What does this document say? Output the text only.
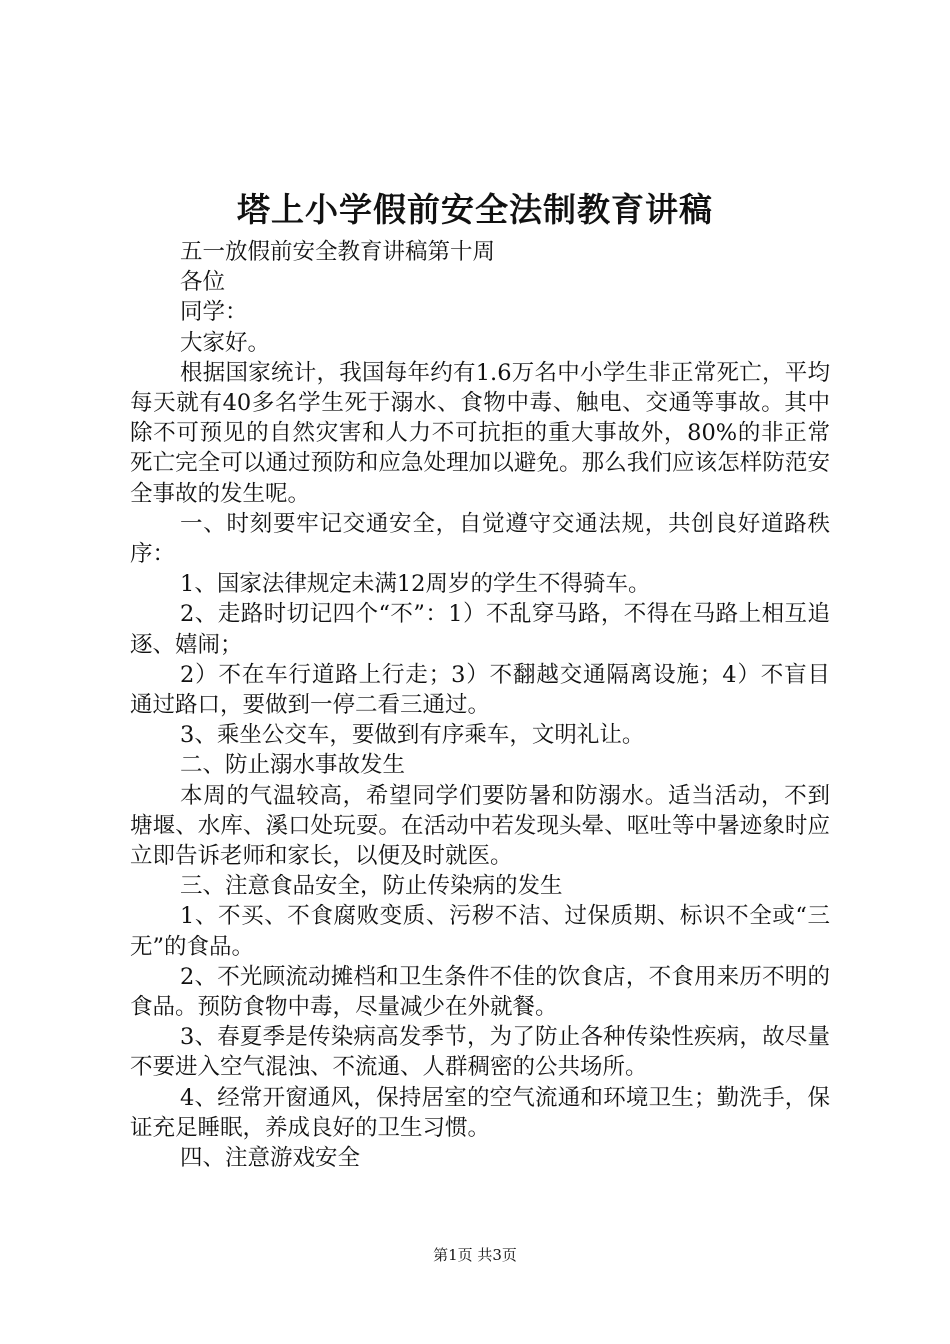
塔上小学假前安全法制教育讲稿

五一放假前安全教育讲稿第十周

各位

同学：

大家好。

根据国家统计，我国每年约有1.6万名中小学生非正常死亡，平均每天就有40多名学生死于溺水、食物中毒、触电、交通等事故。其中除不可预见的自然灾害和人力不可抗拒的重大事故外，80%的非正常死亡完全可以通过预防和应急处理加以避免。那么我们应该怎样防范安全事故的发生呢。

一、时刻要牢记交通安全，自觉遵守交通法规，共创良好道路秩序：

1、国家法律规定未满12周岁的学生不得骑车。

2、走路时切记四个“不”：1）不乱穿马路，不得在马路上相互追逐、嬉闹；

2）不在车行道路上行走；3）不翻越交通隔离设施；4）不盲目通过路口，要做到一停二看三通过。

3、乘坐公交车，要做到有序乘车，文明礼让。

二、防止溺水事故发生

本周的气温较高，希望同学们要防暑和防溺水。适当活动，不到塘堰、水库、溪口处玩耍。在活动中若发现头晕、呕吐等中暑迹象时应立即告诉老师和家长，以便及时就医。

三、注意食品安全，防止传染病的发生

1、不买、不食腐败变质、污秽不洁、过保质期、标识不全或“三无”的食品。

2、不光顾流动摊档和卫生条件不佳的饮食店，不食用来历不明的食品。预防食物中毒，尽量减少在外就餐。

3、春夏季是传染病高发季节，为了防止各种传染性疾病，故尽量不要进入空气混浊、不流通、人群稠密的公共场所。

4、经常开窗通风，保持居室的空气流通和环境卫生；勤洗手，保证充足睡眠，养成良好的卫生习惯。

四、注意游戏安全

第1页 共3页
